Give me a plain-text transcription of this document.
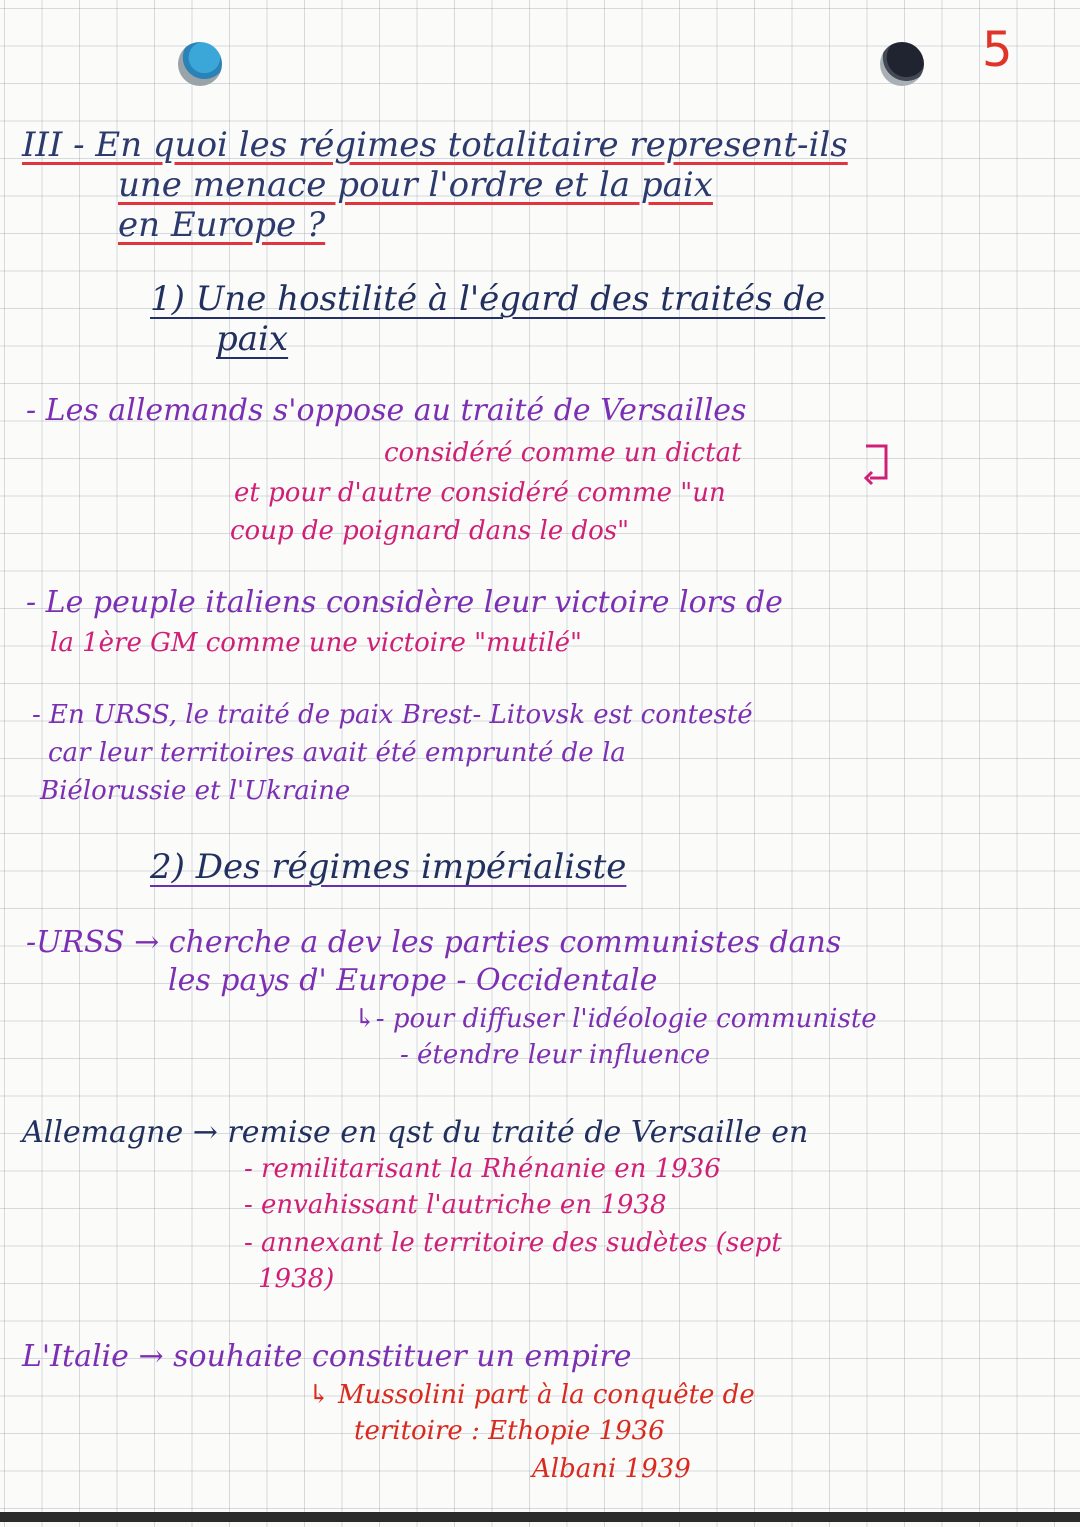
5
III - En quoi les régimes totalitaire represent-ils
une menace pour l'ordre et la paix
en Europe ?
1) Une hostilité à l'égard des traités de
paix
- Les allemands s'oppose au traité de Versailles
considéré comme un dictat
et pour d'autre considéré comme "un
coup de poignard dans le dos"
- Le peuple italiens considère leur victoire lors de
la 1ère GM comme une victoire "mutilé"
- En URSS, le traité de paix Brest- Litovsk est contesté
car leur territoires avait été emprunté de la
Biélorussie et l'Ukraine
2) Des régimes impérialiste
-URSS → cherche a dev les parties communistes dans
les pays d' Europe - Occidentale
↳- pour diffuser l'idéologie communiste
- étendre leur influence
Allemagne → remise en qst du traité de Versaille en
- remilitarisant la Rhénanie en 1936
- envahissant l'autriche en 1938
- annexant le territoire des sudètes (sept
1938)
L'Italie → souhaite constituer un empire
↳ Mussolini part à la conquête de
teritoire : Ethopie 1936
Albani 1939
